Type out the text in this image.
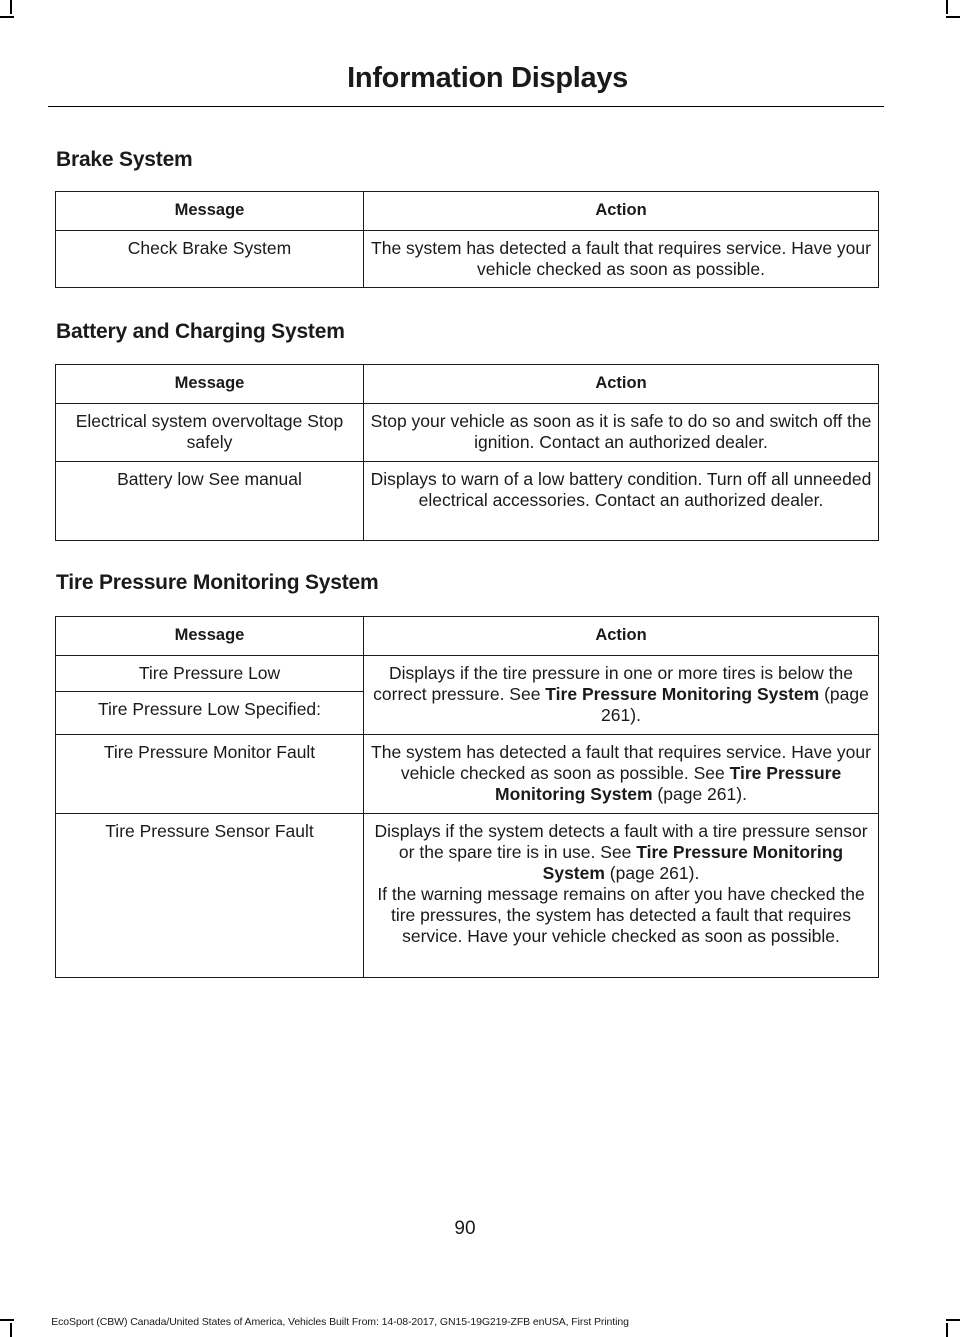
Information Displays
Brake System
Message	Action
Check Brake System	The system has detected a fault that requires service. Have your vehicle checked as soon as possible.
Battery and Charging System
Message	Action
Electrical system overvoltage Stop safely	Stop your vehicle as soon as it is safe to do so and switch off the ignition. Contact an authorized dealer.
Battery low See manual	Displays to warn of a low battery condition. Turn off all unneeded electrical accessories. Contact an authorized dealer.
Tire Pressure Monitoring System
Message	Action
Tire Pressure Low	Displays if the tire pressure in one or more tires is below the correct pressure. See Tire Pressure Monitoring System (page 261).
Tire Pressure Low Specified:	
Tire Pressure Monitor Fault	The system has detected a fault that requires service. Have your vehicle checked as soon as possible. See Tire Pressure Monitoring System (page 261).
Tire Pressure Sensor Fault	Displays if the system detects a fault with a tire pressure sensor or the spare tire is in use. See Tire Pressure Monitoring System (page 261).
If the warning message remains on after you have checked the tire pressures, the system has detected a fault that requires service. Have your vehicle checked as soon as possible.
90
EcoSport (CBW) Canada/United States of America, Vehicles Built From: 14-08-2017, GN15-19G219-ZFB enUSA, First Printing
